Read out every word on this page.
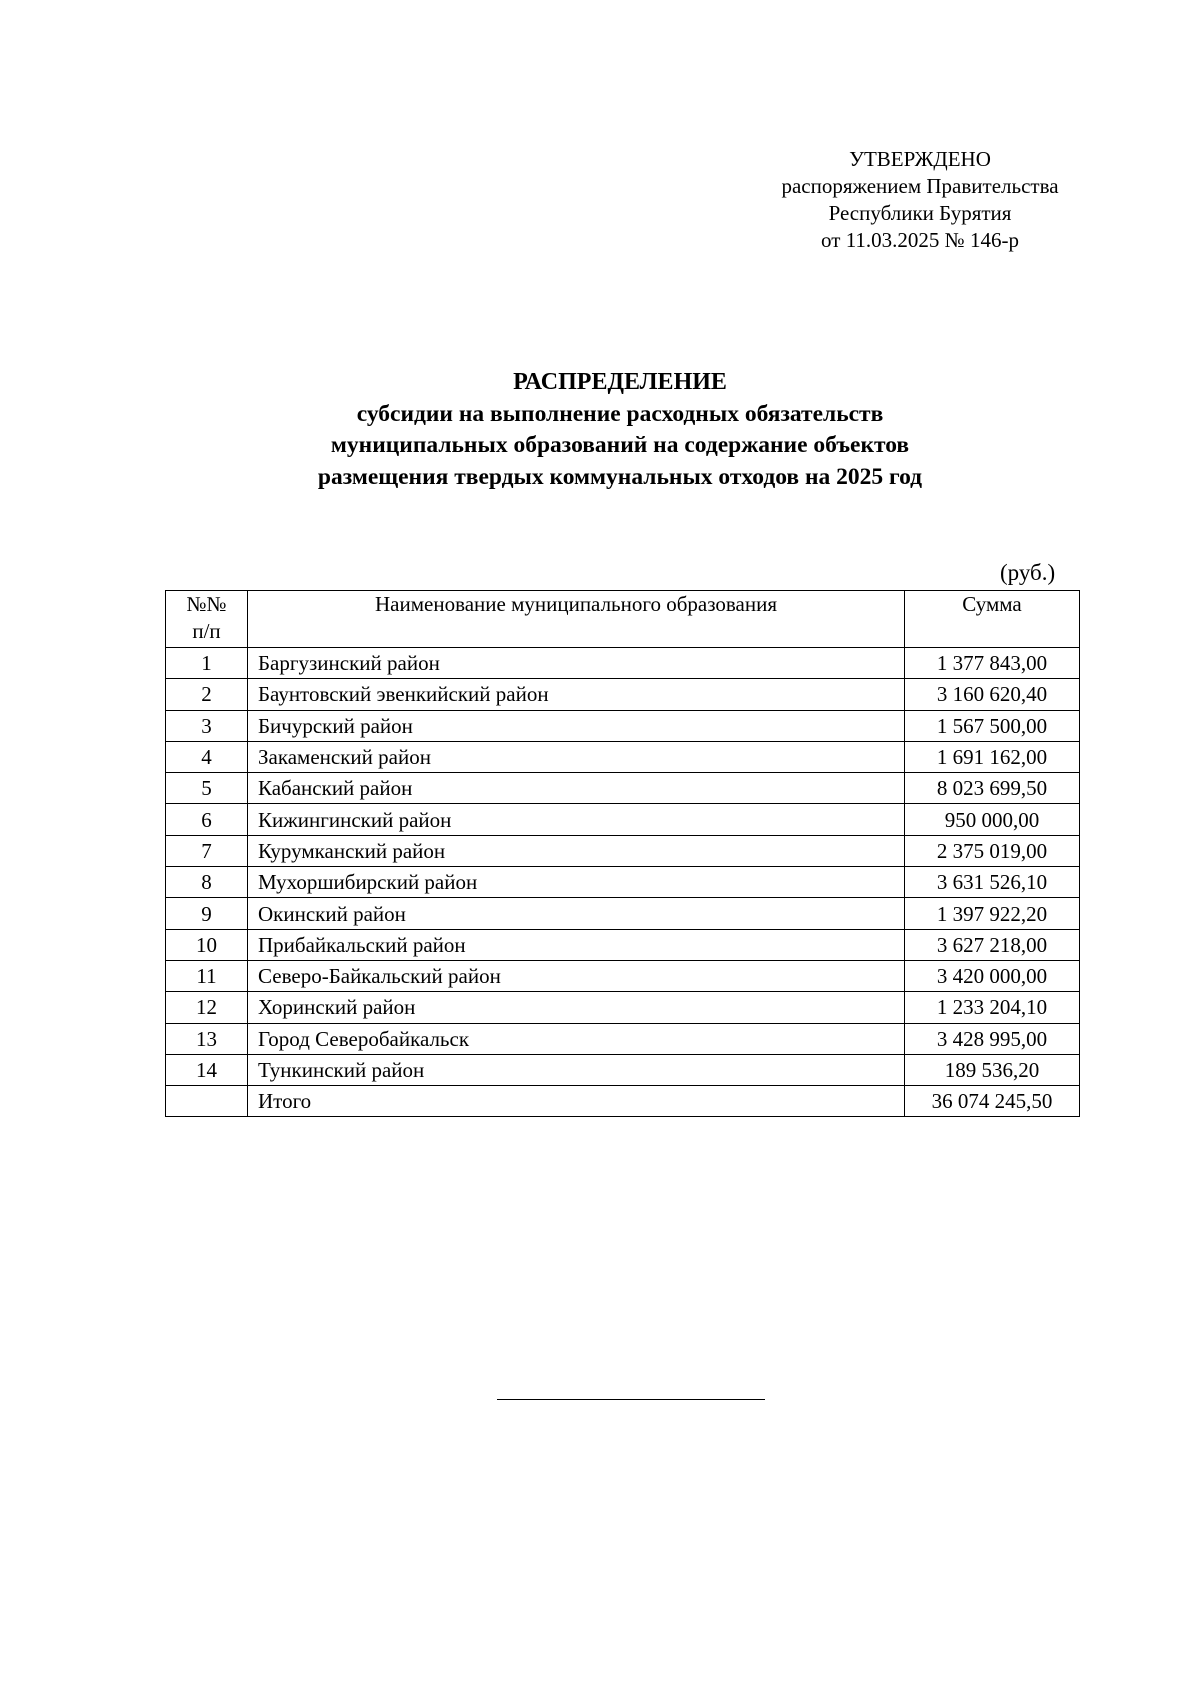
УТВЕРЖДЕНО
распоряжением Правительства
Республики Бурятия
от 11.03.2025 № 146-р
РАСПРЕДЕЛЕНИЕ
субсидии на выполнение расходных обязательств
муниципальных образований на содержание объектов
размещения твердых коммунальных отходов на 2025 год
(руб.)
№№
п/п	Наименование муниципального образования	Сумма
1	Баргузинский район	1 377 843,00
2	Баунтовский эвенкийский район	3 160 620,40
3	Бичурский район	1 567 500,00
4	Закаменский район	1 691 162,00
5	Кабанский район	8 023 699,50
6	Кижингинский район	950 000,00
7	Курумканский район	2 375 019,00
8	Мухоршибирский район	3 631 526,10
9	Окинский район	1 397 922,20
10	Прибайкальский район	3 627 218,00
11	Северо-Байкальский район	3 420 000,00
12	Хоринский район	1 233 204,10
13	Город Северобайкальск	3 428 995,00
14	Тункинский район	189 536,20
	Итого	36 074 245,50
